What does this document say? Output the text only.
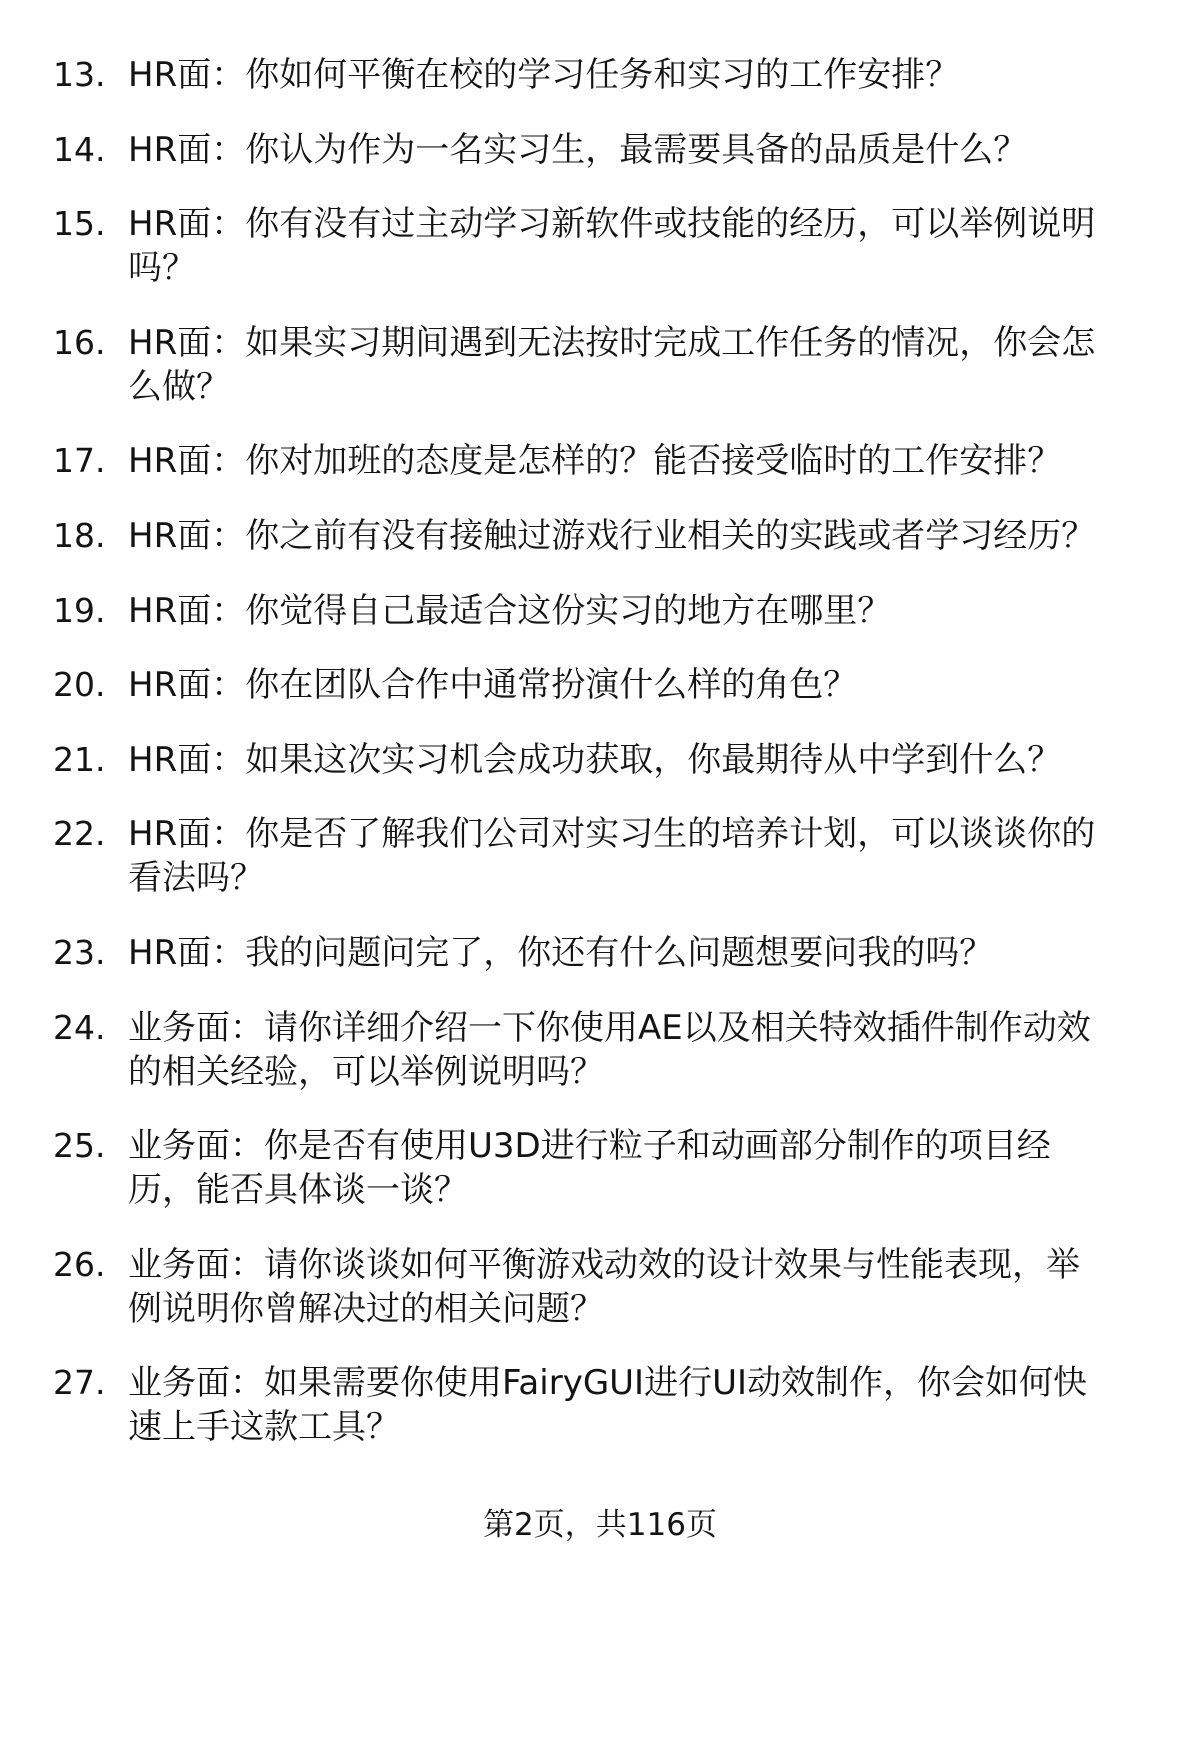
13. HR面：你如何平衡在校的学习任务和实习的工作安排？
14. HR面：你认为作为一名实习生，最需要具备的品质是什么？
15. HR面：你有没有过主动学习新软件或技能的经历，可以举例说明
吗？
16. HR面：如果实习期间遇到无法按时完成工作任务的情况，你会怎
么做？
17. HR面：你对加班的态度是怎样的？能否接受临时的工作安排？
18. HR面：你之前有没有接触过游戏行业相关的实践或者学习经历？
19. HR面：你觉得自己最适合这份实习的地方在哪里？
20. HR面：你在团队合作中通常扮演什么样的角色？
21. HR面：如果这次实习机会成功获取，你最期待从中学到什么？
22. HR面：你是否了解我们公司对实习生的培养计划，可以谈谈你的
看法吗？
23. HR面：我的问题问完了，你还有什么问题想要问我的吗？
24. 业务面：请你详细介绍一下你使用AE以及相关特效插件制作动效
的相关经验，可以举例说明吗？
25. 业务面：你是否有使用U3D进行粒子和动画部分制作的项目经
历，能否具体谈一谈？
26. 业务面：请你谈谈如何平衡游戏动效的设计效果与性能表现，举
例说明你曾解决过的相关问题？
27. 业务面：如果需要你使用FairyGUI进行UI动效制作，你会如何快
速上手这款工具？
第2页，共116页
